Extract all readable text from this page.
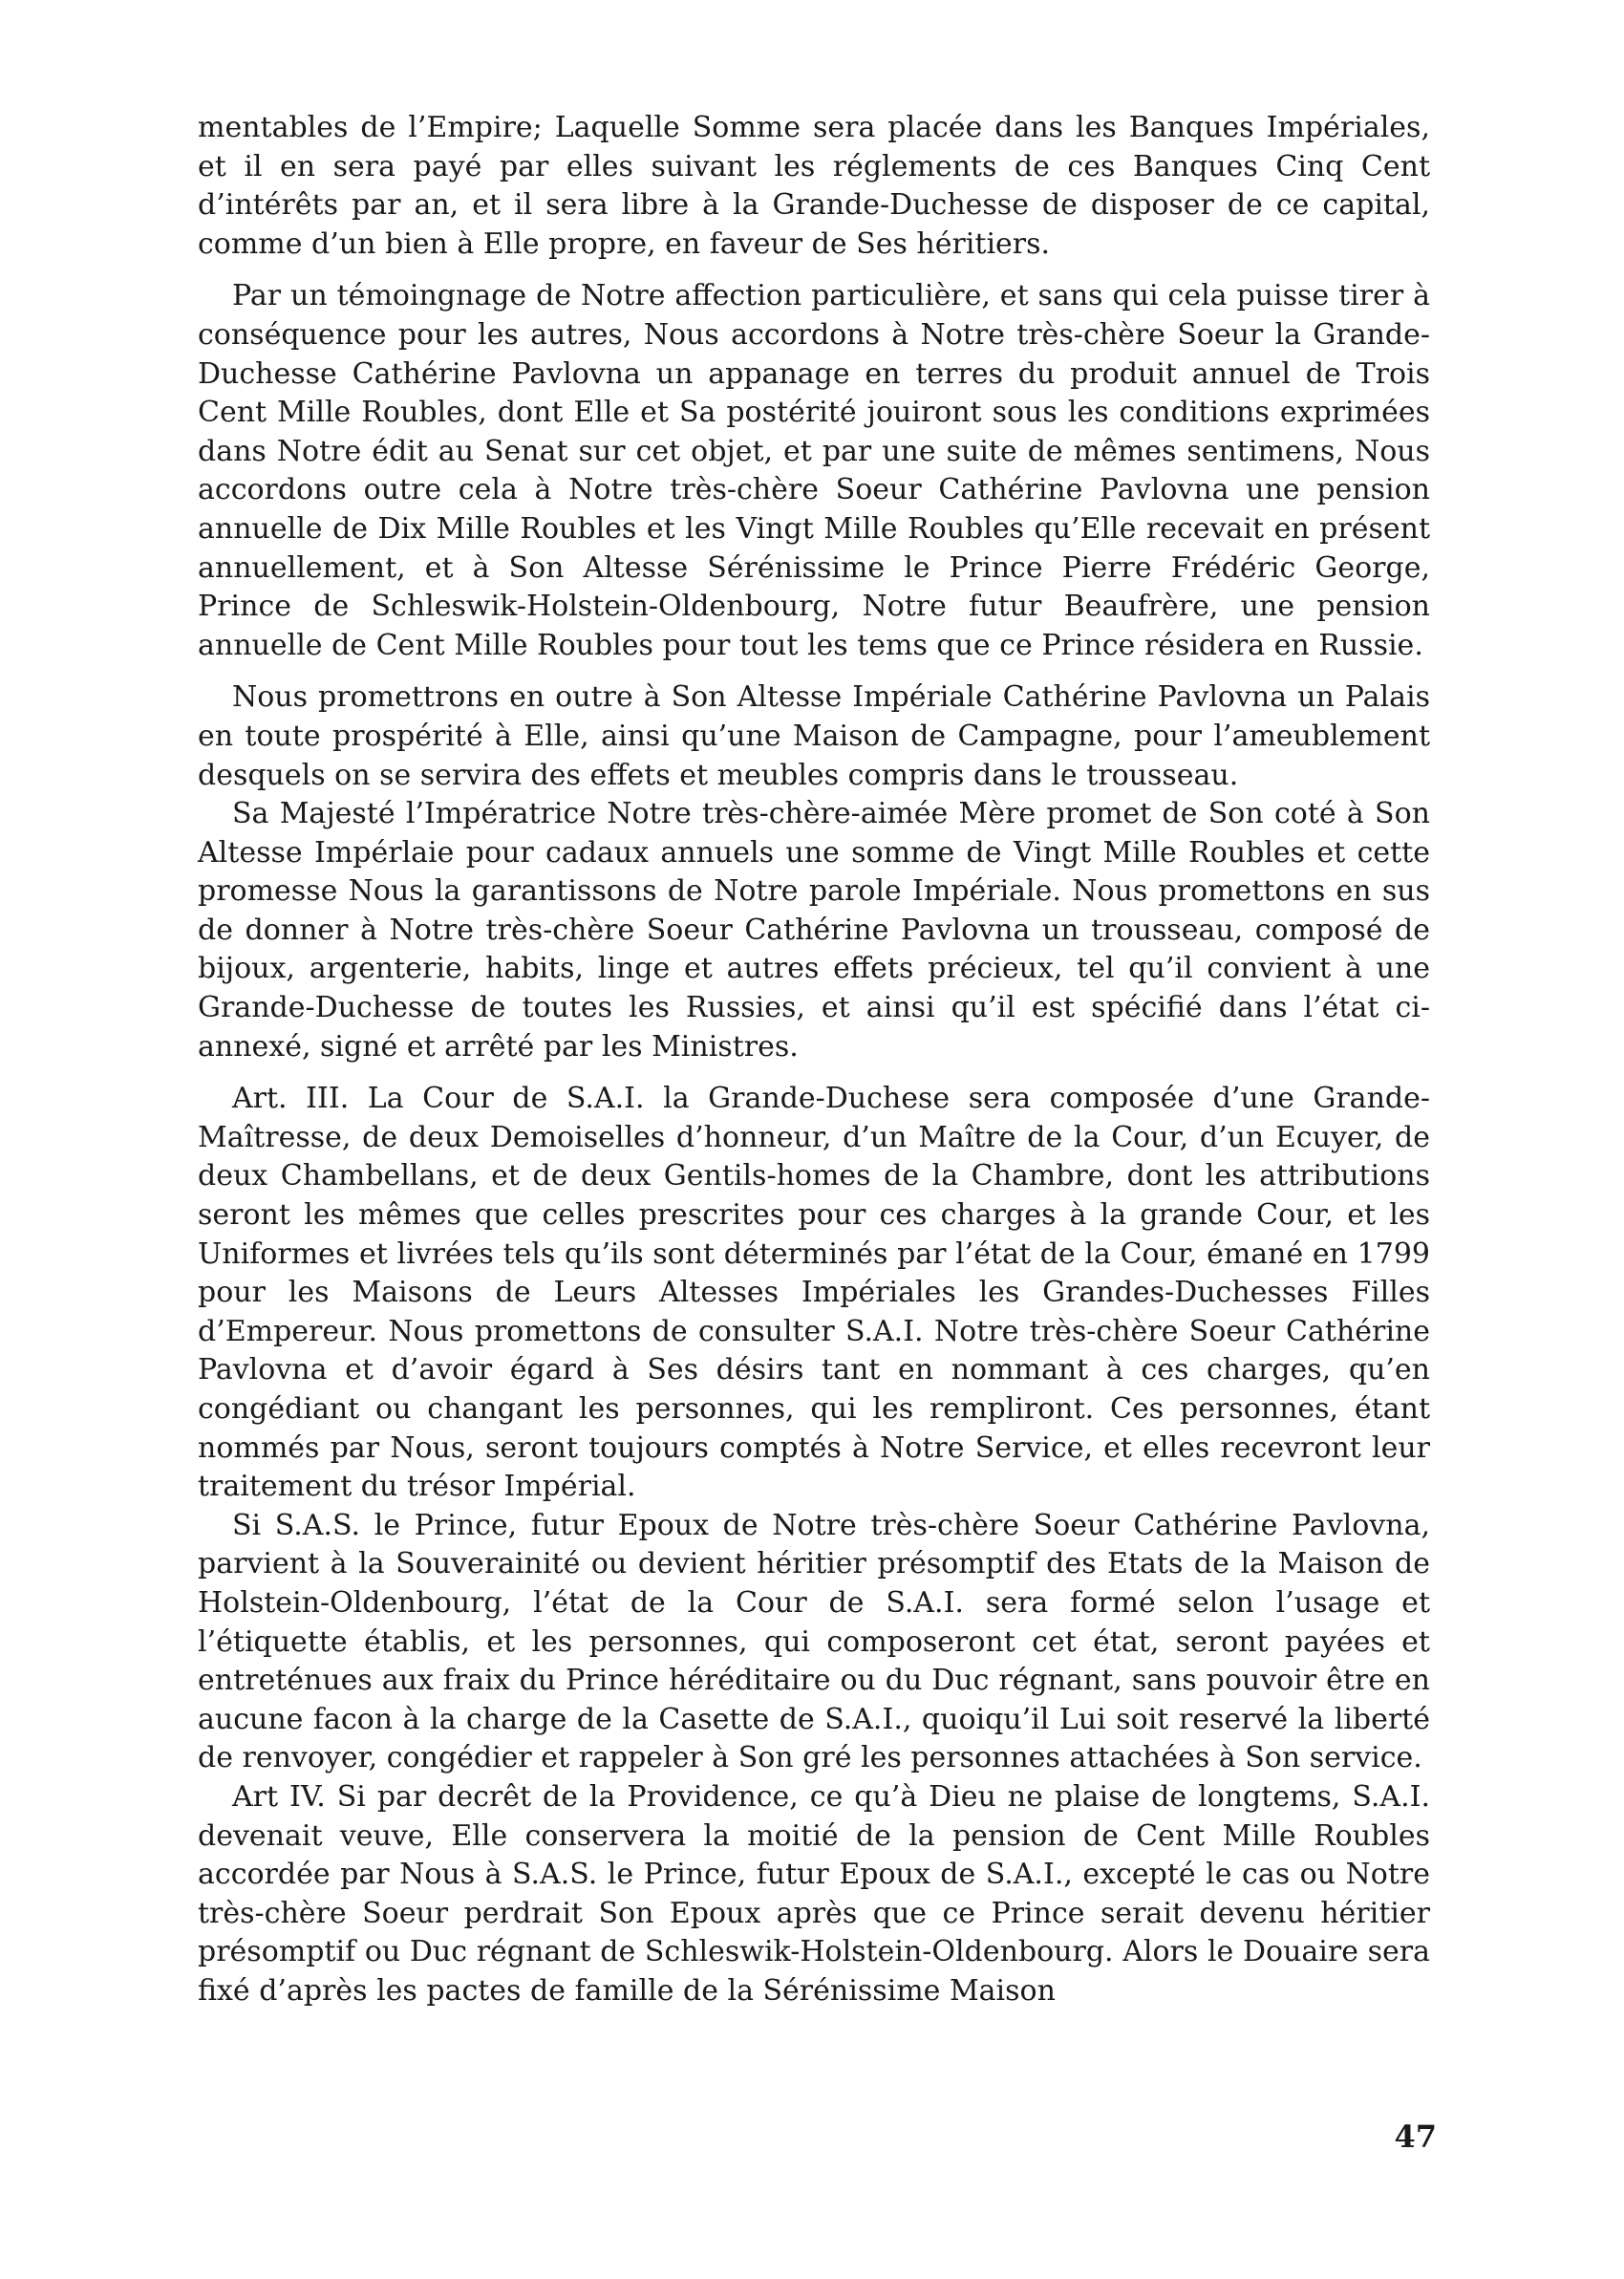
mentables de l’Empire; Laquelle Somme sera placée dans les Banques Impériales, et il en sera payé par elles suivant les réglements de ces Banques Cinq Cent d’intérêts par an, et il sera libre à la Grande-Duchesse de disposer de ce capital, comme d’un bien à Elle propre, en faveur de Ses héritiers.

Par un témoingnage de Notre affection particulière, et sans qui cela puisse tirer à conséquence pour les autres, Nous accordons à Notre très-chère Soeur la Grande-Duchesse Cathérine Pavlovna un appanage en terres du produit annuel de Trois Cent Mille Roubles, dont Elle et Sa postérité jouiront sous les conditions exprimées dans Notre édit au Senat sur cet objet, et par une suite de mêmes sentimens, Nous accordons outre cela à Notre très-chère Soeur Cathérine Pavlovna une pension annuelle de Dix Mille Roubles et les Vingt Mille Roubles qu’Elle recevait en présent annuellement, et à Son Altesse Sérénissime le Prince Pierre Frédéric George, Prince de Schleswik-Holstein-Oldenbourg, Notre futur Beaufrère, une pension annuelle de Cent Mille Roubles pour tout les tems que ce Prince résidera en Russie.

Nous promettrons en outre à Son Altesse Impériale Cathérine Pavlovna un Palais en toute prospérité à Elle, ainsi qu’une Maison de Campagne, pour l’ameublement desquels on se servira des effets et meubles compris dans le trousseau.

Sa Majesté l’Impératrice Notre très-chère-aimée Mère promet de Son coté à Son Altesse Impérlaie pour cadaux annuels une somme de Vingt Mille Roubles et cette promesse Nous la garantissons de Notre parole Impériale. Nous promettons en sus de donner à Notre très-chère Soeur Cathérine Pavlovna un trousseau, composé de bijoux, argenterie, habits, linge et autres effets précieux, tel qu’il convient à une Grande-Duchesse de toutes les Russies, et ainsi qu’il est spécifié dans l’état ci-annexé, signé et arrêté par les Ministres.

Art. III. La Cour de S.A.I. la Grande-Duchese sera composée d’une Grande-Maîtresse, de deux Demoiselles d’honneur, d’un Maître de la Cour, d’un Ecuyer, de deux Chambellans, et de deux Gentils-homes de la Chambre, dont les attributions seront les mêmes que celles prescrites pour ces charges à la grande Cour, et les Uniformes et livrées tels qu’ils sont déterminés par l’état de la Cour, émané en 1799 pour les Maisons de Leurs Altesses Impériales les Grandes-Duchesses Filles d’Empereur. Nous promettons de consulter S.A.I. Notre très-chère Soeur Cathérine Pavlovna et d’avoir égard à Ses désirs tant en nommant à ces charges, qu’en congédiant ou changant les personnes, qui les rempliront. Ces personnes, étant nommés par Nous, seront toujours comptés à Notre Service, et elles recevront leur traitement du trésor Impérial.

Si S.A.S. le Prince, futur Epoux de Notre très-chère Soeur Cathérine Pavlovna, parvient à la Souverainité ou devient héritier présomptif des Etats de la Maison de Holstein-Oldenbourg, l’état de la Cour de S.A.I. sera formé selon l’usage et l’étiquette établis, et les personnes, qui composeront cet état, seront payées et entreténues aux fraix du Prince héréditaire ou du Duc régnant, sans pouvoir être en aucune facon à la charge de la Casette de S.A.I., quoiqu’il Lui soit reservé la liberté de renvoyer, congédier et rappeler à Son gré les personnes attachées à Son service.

Art IV. Si par decrêt de la Providence, ce qu’à Dieu ne plaise de longtems, S.A.I. devenait veuve, Elle conservera la moitié de la pension de Cent Mille Roubles accordée par Nous à S.A.S. le Prince, futur Epoux de S.A.I., excepté le cas ou Notre très-chère Soeur perdrait Son Epoux après que ce Prince serait devenu héritier présomptif ou Duc régnant de Schleswik-Holstein-Oldenbourg. Alors le Douaire sera fixé d’après les pactes de famille de la Sérénissime Maison

47
